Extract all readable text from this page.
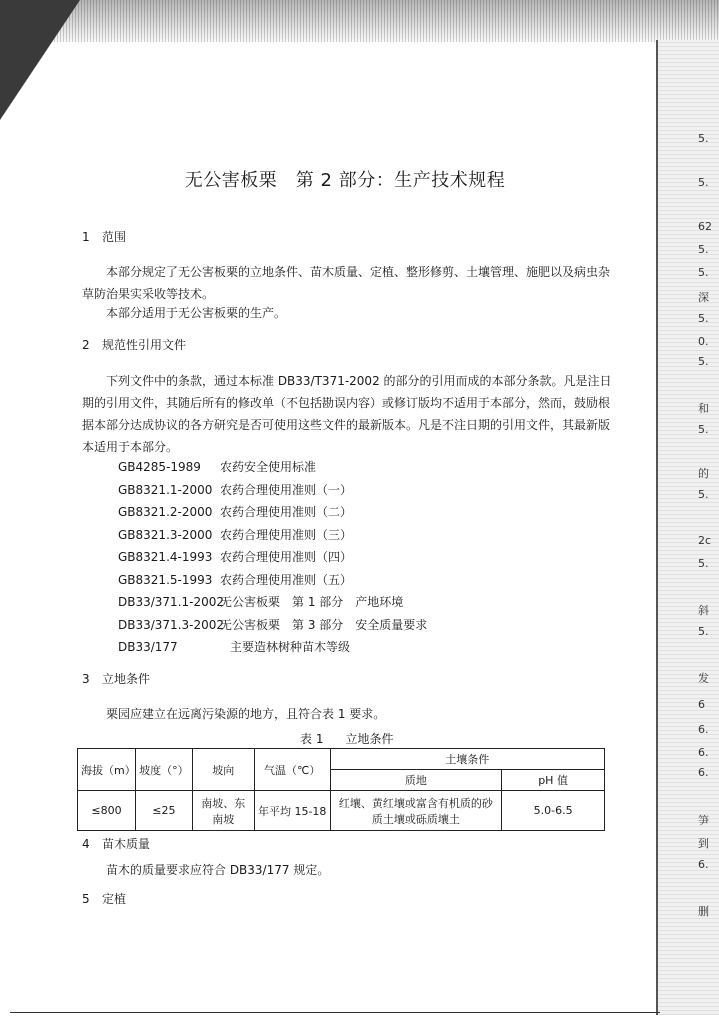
5.
5.
62
5.
5.
深
5.
0.
5.
和
5.
的
5.
2c
5.
斜
5.
发
6
6.
6.
6.
笋
到
6.
删
无公害板栗　第 2 部分：生产技术规程
1 范围
本部分规定了无公害板栗的立地条件、苗木质量、定植、整形修剪、土壤管理、施肥以及病虫杂草防治果实采收等技术。
本部分适用于无公害板栗的生产。
2 规范性引用文件
下列文件中的条款，通过本标准 DB33/T371-2002 的部分的引用而成的本部分条款。凡是注日期的引用文件，其随后所有的修改单（不包括勘误内容）或修订版均不适用于本部分，然而，鼓励根据本部分达成协议的各方研究是否可使用这些文件的最新版本。凡是不注日期的引用文件，其最新版本适用于本部分。
GB4285-1989 农药安全使用标准
GB8321.1-2000 农药合理使用准则（一）
GB8321.2-2000 农药合理使用准则（二）
GB8321.3-2000 农药合理使用准则（三）
GB8321.4-1993 农药合理使用准则（四）
GB8321.5-1993 农药合理使用准则（五）
DB33/371.1-2002无公害板栗　第 1 部分　产地环境
DB33/371.3-2002无公害板栗　第 3 部分　安全质量要求
DB33/177	主要造林树种苗木等级
3 立地条件
栗园应建立在远离污染源的地方，且符合表 1 要求。
表 1 立地条件
海拔（m）	坡度（°）	坡向	气温（℃）	土壤条件	
				质地	pH 值
≤800	≤25	南坡、东南坡	年平均 15-18	红壤、黄红壤或富含有机质的砂质土壤或砾质壤土	5.0-6.5
4 苗木质量
苗木的质量要求应符合 DB33/177 规定。
5 定植
